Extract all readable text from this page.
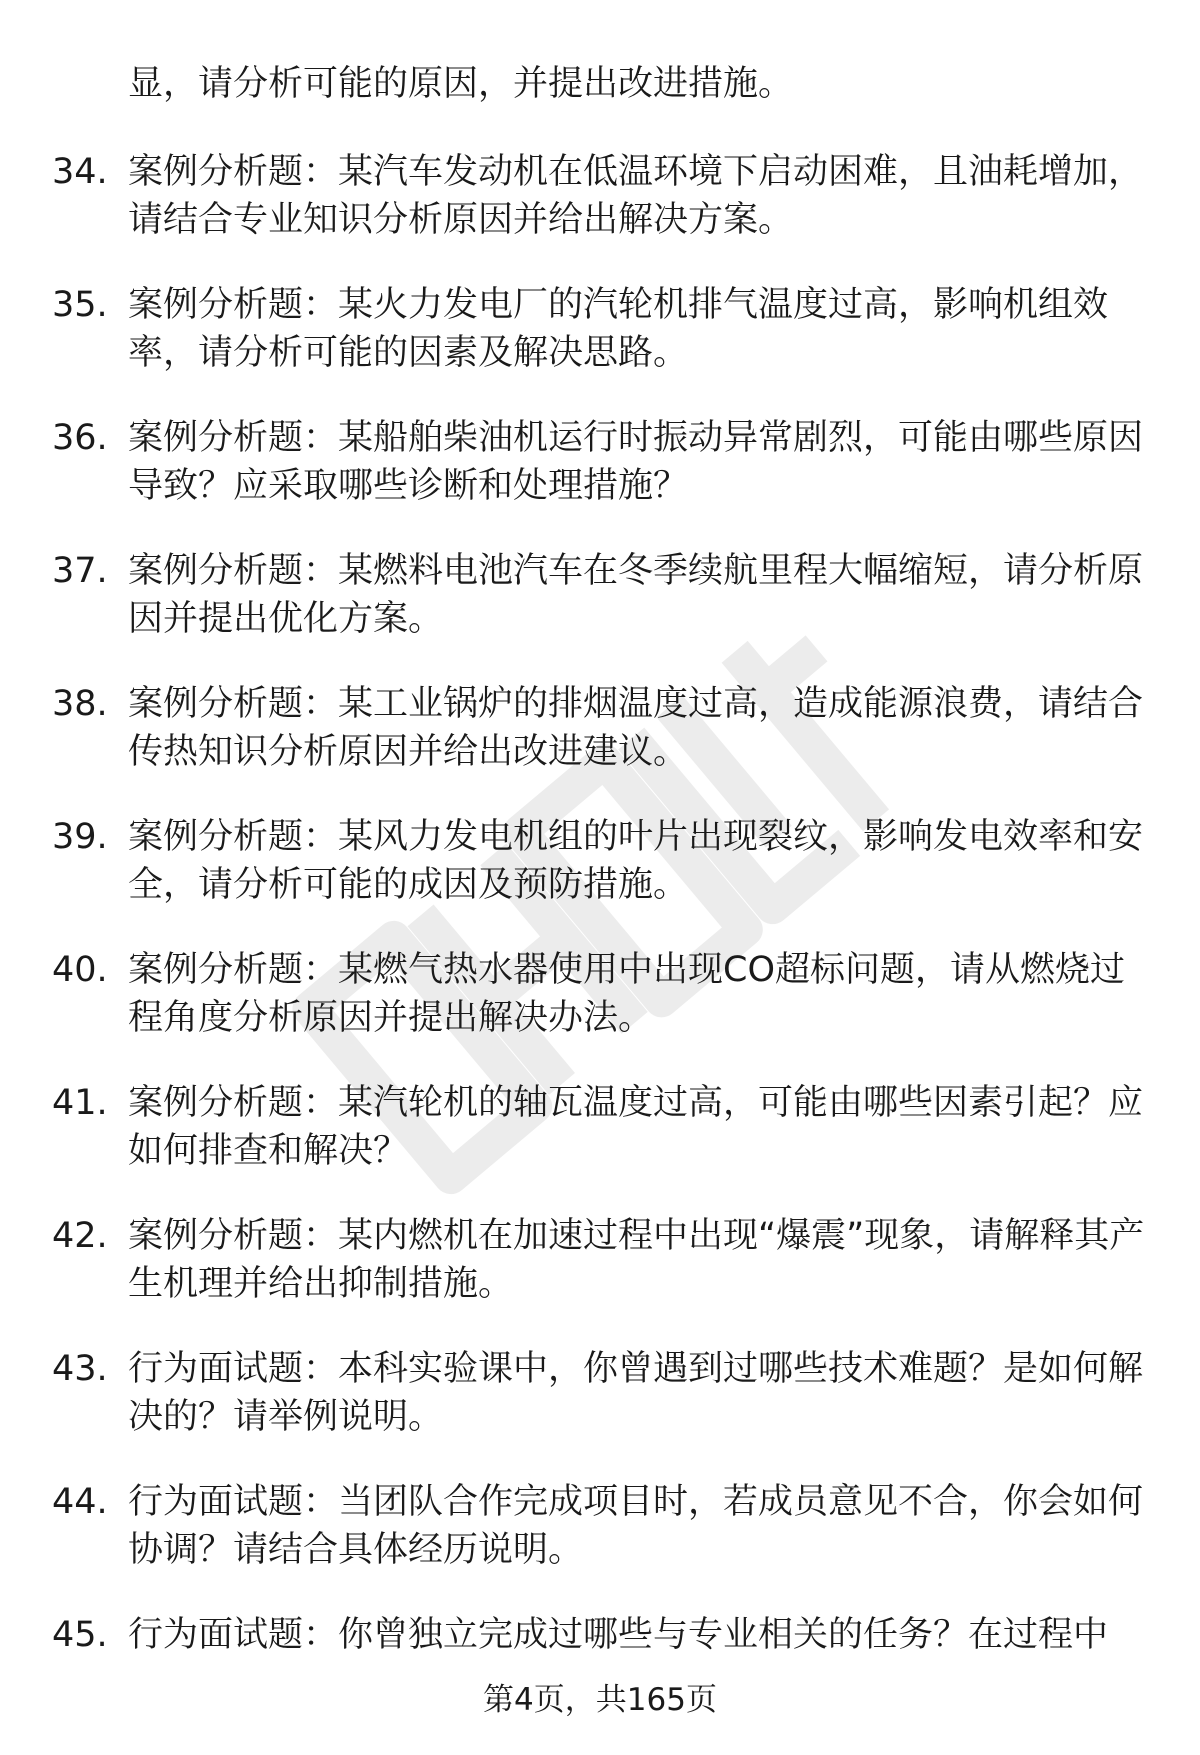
显，请分析可能的原因，并提出改进措施。

34. 案例分析题：某汽车发动机在低温环境下启动困难，且油耗增加，请结合专业知识分析原因并给出解决方案。
35. 案例分析题：某火力发电厂的汽轮机排气温度过高，影响机组效率，请分析可能的因素及解决思路。
36. 案例分析题：某船舶柴油机运行时振动异常剧烈，可能由哪些原因导致？应采取哪些诊断和处理措施？
37. 案例分析题：某燃料电池汽车在冬季续航里程大幅缩短，请分析原因并提出优化方案。
38. 案例分析题：某工业锅炉的排烟温度过高，造成能源浪费，请结合传热知识分析原因并给出改进建议。
39. 案例分析题：某风力发电机组的叶片出现裂纹，影响发电效率和安全，请分析可能的成因及预防措施。
40. 案例分析题：某燃气热水器使用中出现CO超标问题，请从燃烧过程角度分析原因并提出解决办法。
41. 案例分析题：某汽轮机的轴瓦温度过高，可能由哪些因素引起？应如何排查和解决？
42. 案例分析题：某内燃机在加速过程中出现“爆震”现象，请解释其产生机理并给出抑制措施。
43. 行为面试题：本科实验课中，你曾遇到过哪些技术难题？是如何解决的？请举例说明。
44. 行为面试题：当团队合作完成项目时，若成员意见不合，你会如何协调？请结合具体经历说明。
45. 行为面试题：你曾独立完成过哪些与专业相关的任务？在过程中
第4页，共165页
